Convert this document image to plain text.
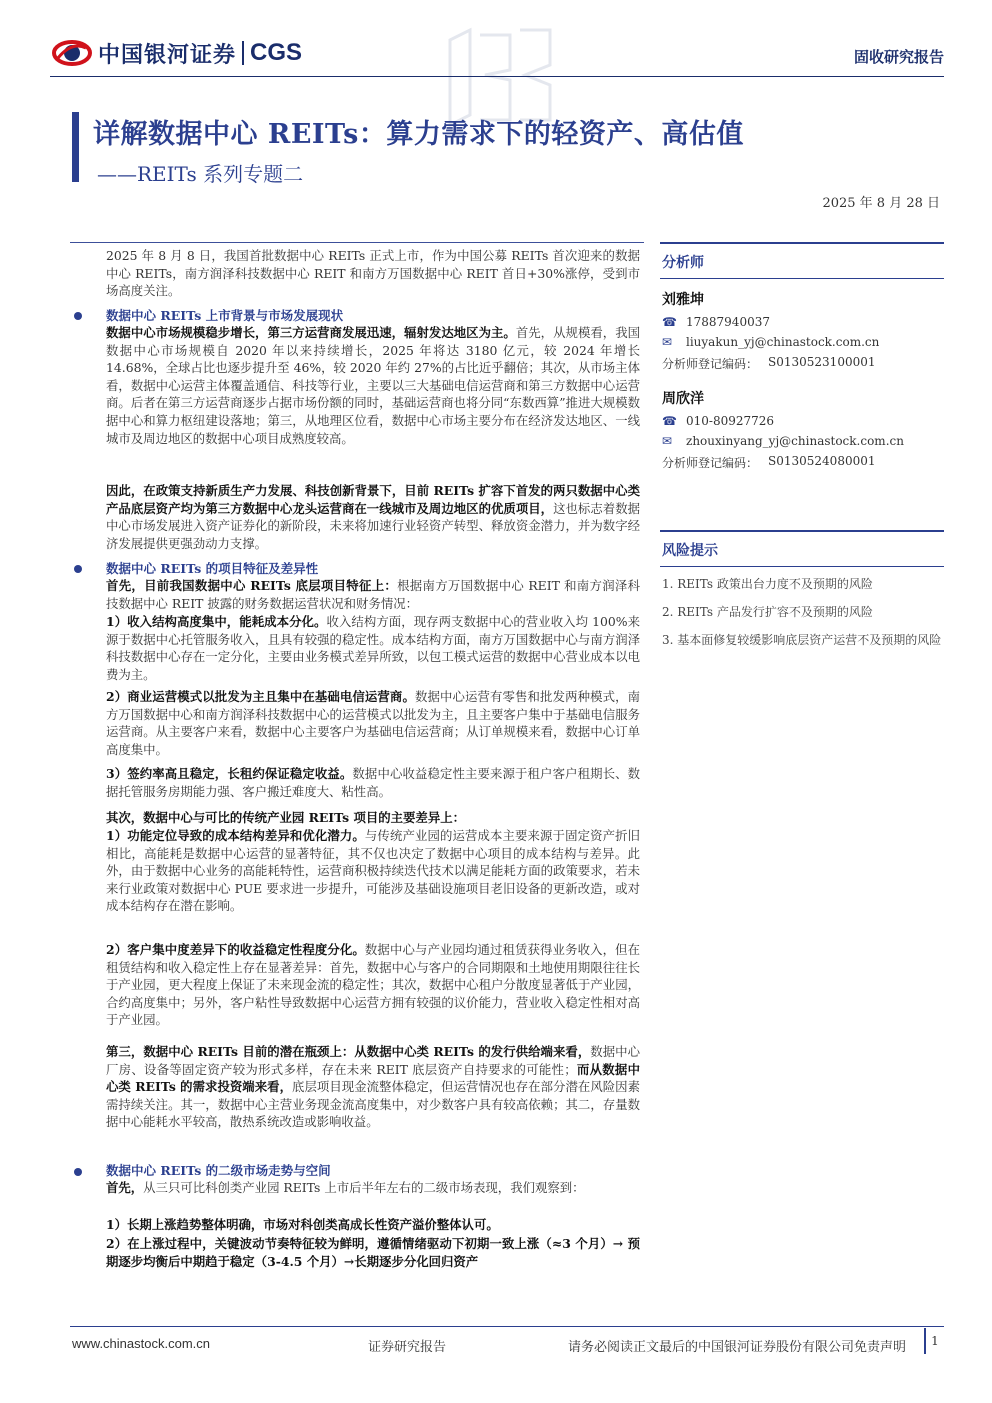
中国银河证券 CGS	固收研究报告
详解数据中心 REITs：算力需求下的轻资产、高估值
——REITs 系列专题二
2025 年 8 月 28 日
2025 年 8 月 8 日，我国首批数据中心 REITs 正式上市，作为中国公募 REITs 首次迎来的数据中心 REITs，南方润泽科技数据中心 REIT 和南方万国数据中心 REIT 首日+30%涨停，受到市场高度关注。
数据中心 REITs 上市背景与市场发展现状
数据中心市场规模稳步增长，第三方运营商发展迅速，辐射发达地区为主。首先，从规模看，我国数据中心市场规模自 2020 年以来持续增长，2025 年将达 3180 亿元，较 2024 年增长 14.68%，全球占比也逐步提升至 46%，较 2020 年约 27%的占比近乎翻倍；其次，从市场主体看，数据中心运营主体覆盖通信、科技等行业，主要以三大基础电信运营商和第三方数据中心运营商。后者在第三方运营商逐步占据市场份额的同时，基础运营商也将分同“东数西算”推进大规模数据中心和算力枢纽建设落地；第三，从地理区位看，数据中心市场主要分布在经济发达地区、一线城市及周边地区的数据中心项目成熟度较高。
因此，在政策支持新质生产力发展、科技创新背景下，目前 REITs 扩容下首发的两只数据中心类产品底层资产均为第三方数据中心龙头运营商在一线城市及周边地区的优质项目，这也标志着数据中心市场发展进入资产证券化的新阶段，未来将加速行业轻资产转型、释放资金潜力，并为数字经济发展提供更强劲动力支撑。
数据中心 REITs 的项目特征及差异性
首先，目前我国数据中心 REITs 底层项目特征上：根据南方万国数据中心 REIT 和南方润泽科技数据中心 REIT 披露的财务数据运营状况和财务情况：
1）收入结构高度集中，能耗成本分化。收入结构方面，现存两支数据中心的营业收入均 100%来源于数据中心托管服务收入，且具有较强的稳定性。成本结构方面，南方万国数据中心与南方润泽科技数据中心存在一定分化，主要由业务模式差异所致，以包工模式运营的数据中心营业成本以电费为主。
2）商业运营模式以批发为主且集中在基础电信运营商。数据中心运营有零售和批发两种模式，南方万国数据中心和南方润泽科技数据中心的运营模式以批发为主，且主要客户集中于基础电信服务运营商。从主要客户来看，数据中心主要客户为基础电信运营商；从订单规模来看，数据中心订单高度集中。
3）签约率高且稳定，长租约保证稳定收益。数据中心收益稳定性主要来源于租户客户租期长、数据托管服务房期能力强、客户搬迁难度大、粘性高。
其次，数据中心与可比的传统产业园 REITs 项目的主要差异上：
1）功能定位导致的成本结构差异和优化潜力。与传统产业园的运营成本主要来源于固定资产折旧相比，高能耗是数据中心运营的显著特征，其不仅也决定了数据中心项目的成本结构与差异。此外，由于数据中心业务的高能耗特性，运营商积极持续迭代技术以满足能耗方面的政策要求，若未来行业政策对数据中心 PUE 要求进一步提升，可能涉及基础设施项目老旧设备的更新改造，或对成本结构存在潜在影响。
2）客户集中度差异下的收益稳定性程度分化。数据中心与产业园均通过租赁获得业务收入，但在租赁结构和收入稳定性上存在显著差异：首先，数据中心与客户的合同期限和土地使用期限往往长于产业园，更大程度上保证了未来现金流的稳定性；其次，数据中心租户分散度显著低于产业园，合约高度集中；另外，客户粘性导致数据中心运营方拥有较强的议价能力，营业收入稳定性相对高于产业园。
第三，数据中心 REITs 目前的潜在瓶颈上：从数据中心类 REITs 的发行供给端来看，数据中心厂房、设备等固定资产较为形式多样，存在未来 REIT 底层资产自持要求的可能性；而从数据中心类 REITs 的需求投资端来看，底层项目现金流整体稳定，但运营情况也存在部分潜在风险因素需持续关注。其一，数据中心主营业务现金流高度集中，对少数客户具有较高依赖；其二，存量数据中心能耗水平较高，散热系统改造或影响收益。
数据中心 REITs 的二级市场走势与空间
首先，从三只可比科创类产业园 REITs 上市后半年左右的二级市场表现，我们观察到：
1）长期上涨趋势整体明确，市场对科创类高成长性资产溢价整体认可。
2）在上涨过程中，关键波动节奏特征较为鲜明，遵循情绪驱动下初期一致上涨（≈3 个月）→ 预期逐步均衡后中期趋于稳定（3-4.5 个月）→长期逐步分化回归资产
分析师
刘雅坤
☎ 17887940037
✉	liuyakun_yj@chinastock.com.cn
分析师登记编码： S0130523100001
周欣洋
☎ 010-80927726
✉	zhouxinyang_yj@chinastock.com.cn
分析师登记编码： S0130524080001
风险提示
1. REITs 政策出台力度不及预期的风险
2. REITs 产品发行扩容不及预期的风险
3. 基本面修复较缓影响底层资产运营不及预期的风险
www.chinastock.com.cn	证券研究报告	请务必阅读正文最后的中国银河证券股份有限公司免责声明	1
